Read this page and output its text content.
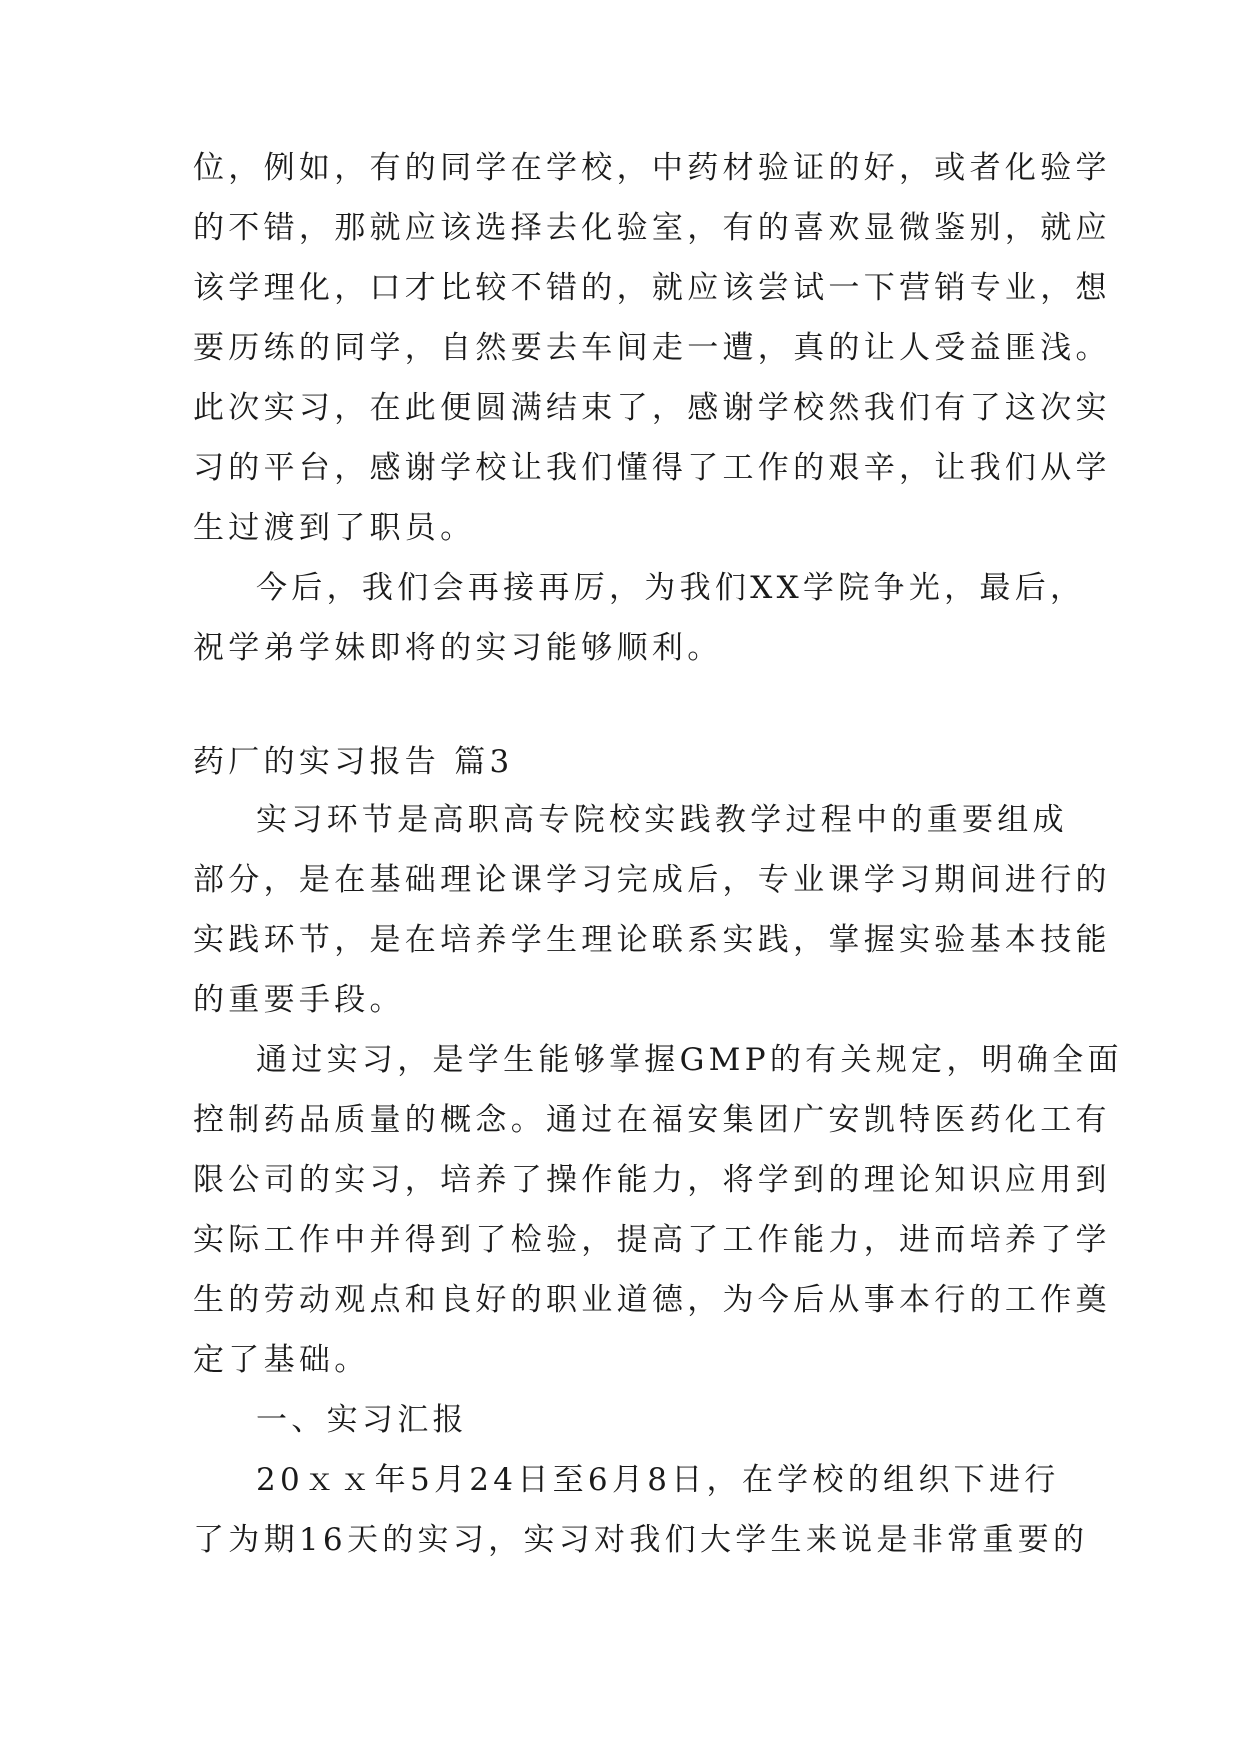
位，例如，有的同学在学校，中药材验证的好，或者化验学
的不错，那就应该选择去化验室，有的喜欢显微鉴别，就应
该学理化，口才比较不错的，就应该尝试一下营销专业，想
要历练的同学，自然要去车间走一遭，真的让人受益匪浅。
此次实习，在此便圆满结束了，感谢学校然我们有了这次实
习的平台，感谢学校让我们懂得了工作的艰辛，让我们从学
生过渡到了职员。
今后，我们会再接再厉，为我们XX学院争光，最后，
祝学弟学妹即将的实习能够顺利。
药厂的实习报告 篇3
实习环节是高职高专院校实践教学过程中的重要组成
部分，是在基础理论课学习完成后，专业课学习期间进行的
实践环节，是在培养学生理论联系实践，掌握实验基本技能
的重要手段。
通过实习，是学生能够掌握GMP的有关规定，明确全面
控制药品质量的概念。通过在福安集团广安凯特医药化工有
限公司的实习，培养了操作能力，将学到的理论知识应用到
实际工作中并得到了检验，提高了工作能力，进而培养了学
生的劳动观点和良好的职业道德，为今后从事本行的工作奠
定了基础。
一、实习汇报
20ｘｘ年5月24日至6月8日，在学校的组织下进行
了为期16天的实习，实习对我们大学生来说是非常重要的
